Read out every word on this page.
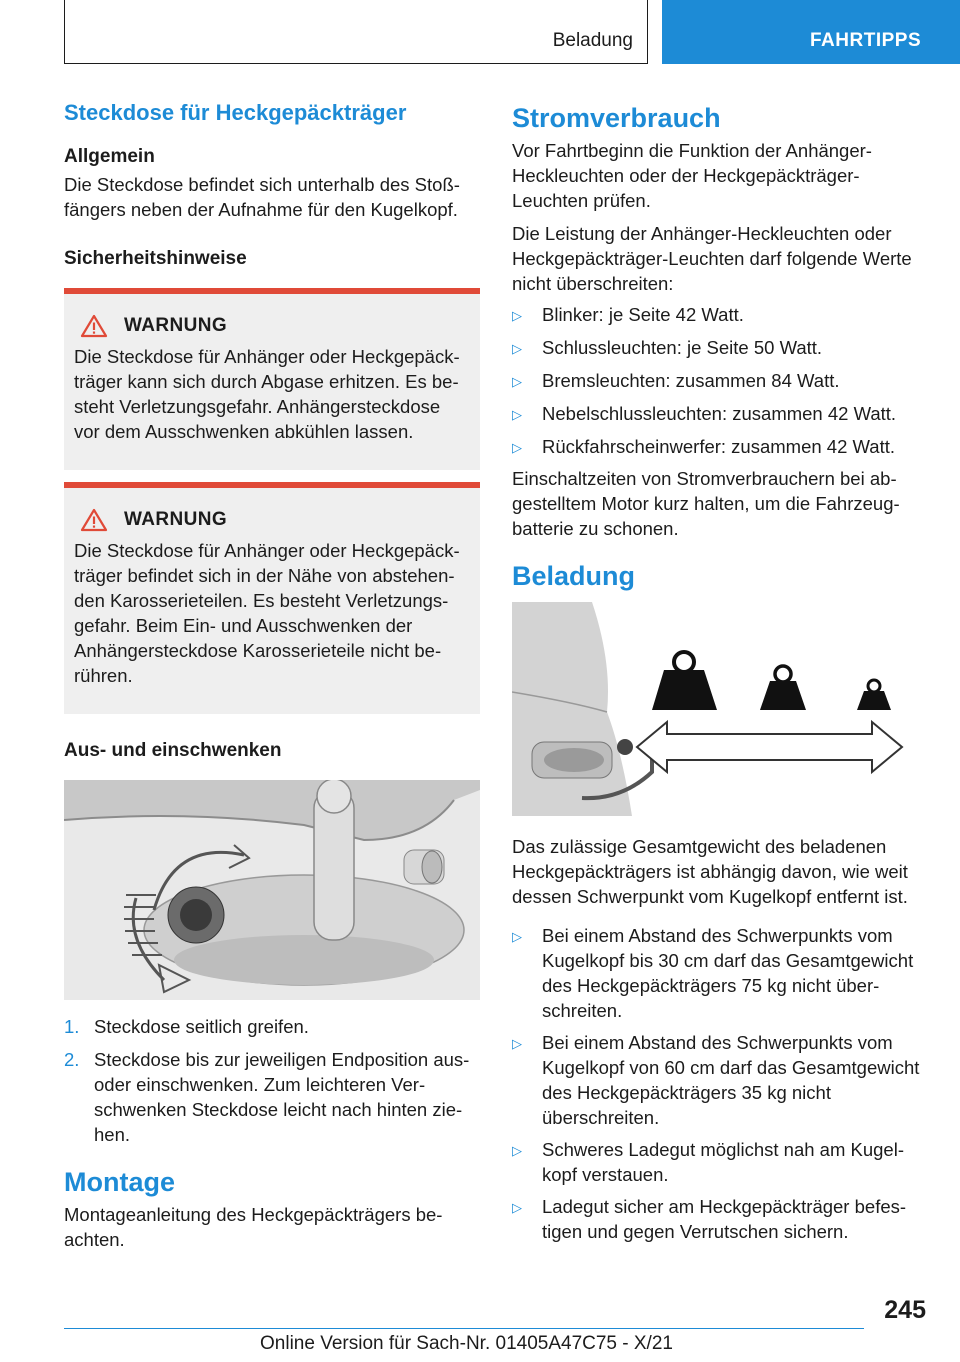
Beladung	FAHRTIPPS
Steckdose für Heckgepäckträger
Allgemein

Die Steckdose befindet sich unterhalb des Stoßfängers neben der Aufnahme für den Kugelkopf.

Sicherheitshinweise
WARNUNG

Die Steckdose für Anhänger oder Heckgepäckträger kann sich durch Abgase erhitzen. Es besteht Verletzungsgefahr. Anhängersteckdose vor dem Ausschwenken abkühlen lassen.

WARNUNG

Die Steckdose für Anhänger oder Heckgepäckträger befindet sich in der Nähe von abstehenden Karosserieteilen. Es besteht Verletzungsgefahr. Beim Ein- und Ausschwenken der Anhängersteckdose Karosserieteile nicht berühren.

Aus- und einschwenken
1. Steckdose seitlich greifen.
2. Steckdose bis zur jeweiligen Endposition aus- oder einschwenken. Zum leichteren Verschwenken Steckdose leicht nach hinten ziehen.
Montage

Montageanleitung des Heckgepäckträgers beachten.

Stromverbrauch

Vor Fahrtbeginn die Funktion der Anhänger-Heckleuchten oder der Heckgepäckträger-Leuchten prüfen.

Die Leistung der Anhänger-Heckleuchten oder Heckgepäckträger-Leuchten darf folgende Werte nicht überschreiten:

▷	Blinker: je Seite 42 Watt.
▷	Schlussleuchten: je Seite 50 Watt.
▷	Bremsleuchten: zusammen 84 Watt.
▷	Nebelschlussleuchten: zusammen 42 Watt.
▷	Rückfahrscheinwerfer: zusammen 42 Watt.

Einschaltzeiten von Stromverbrauchern bei abgestelltem Motor kurz halten, um die Fahrzeugbatterie zu schonen.

Beladung

Das zulässige Gesamtgewicht des beladenen Heckgepäckträgers ist abhängig davon, wie weit dessen Schwerpunkt vom Kugelkopf entfernt ist.

▷	Bei einem Abstand des Schwerpunkts vom Kugelkopf bis 30 cm darf das Gesamtgewicht des Heckgepäckträgers 75 kg nicht überschreiten.
▷	Bei einem Abstand des Schwerpunkts vom Kugelkopf von 60 cm darf das Gesamtgewicht des Heckgepäckträgers 35 kg nicht überschreiten.
▷	Schweres Ladegut möglichst nah am Kugelkopf verstauen.
▷	Ladegut sicher am Heckgepäckträger befestigen und gegen Verrutschen sichern.
245
Online Version für Sach-Nr. 01405A47C75 - X/21
